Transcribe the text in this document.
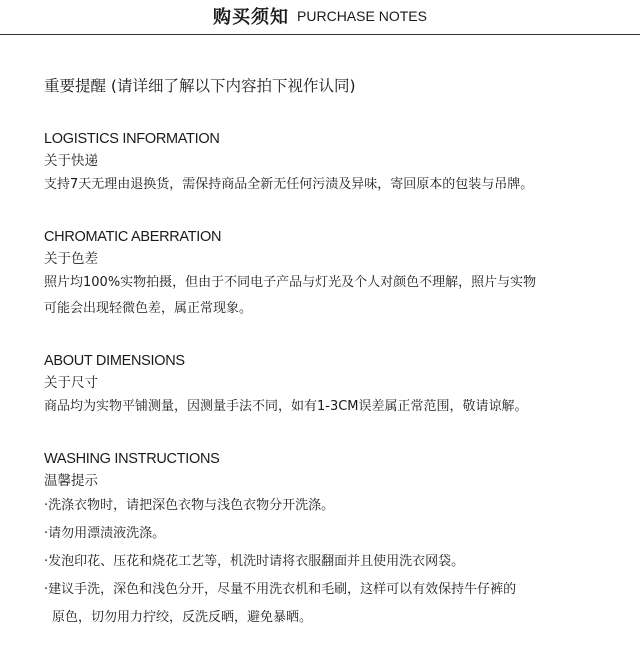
购买须知 PURCHASE NOTES
重要提醒 (请详细了解以下内容拍下视作认同)
LOGISTICS INFORMATION
关于快递

支持7天无理由退换货，需保持商品全新无任何污渍及异味，寄回原本的包装与吊牌。

CHROMATIC ABERRATION
关于色差

照片均100%实物拍摄，但由于不同电子产品与灯光及个人对颜色不理解，照片与实物

可能会出现轻微色差，属正常现象。

ABOUT DIMENSIONS
关于尺寸

商品均为实物平铺测量，因测量手法不同，如有1-3CM误差属正常范围，敬请谅解。

WASHING INSTRUCTIONS
温馨提示
·洗涤衣物时，请把深色衣物与浅色衣物分开洗涤。
·请勿用漂渍液洗涤。
·发泡印花、压花和烧花工艺等，机洗时请将衣服翻面并且使用洗衣网袋。
·建议手洗，深色和浅色分开，尽量不用洗衣机和毛刷，这样可以有效保持牛仔裤的
原色，切勿用力拧绞，反洗反晒，避免暴晒。
